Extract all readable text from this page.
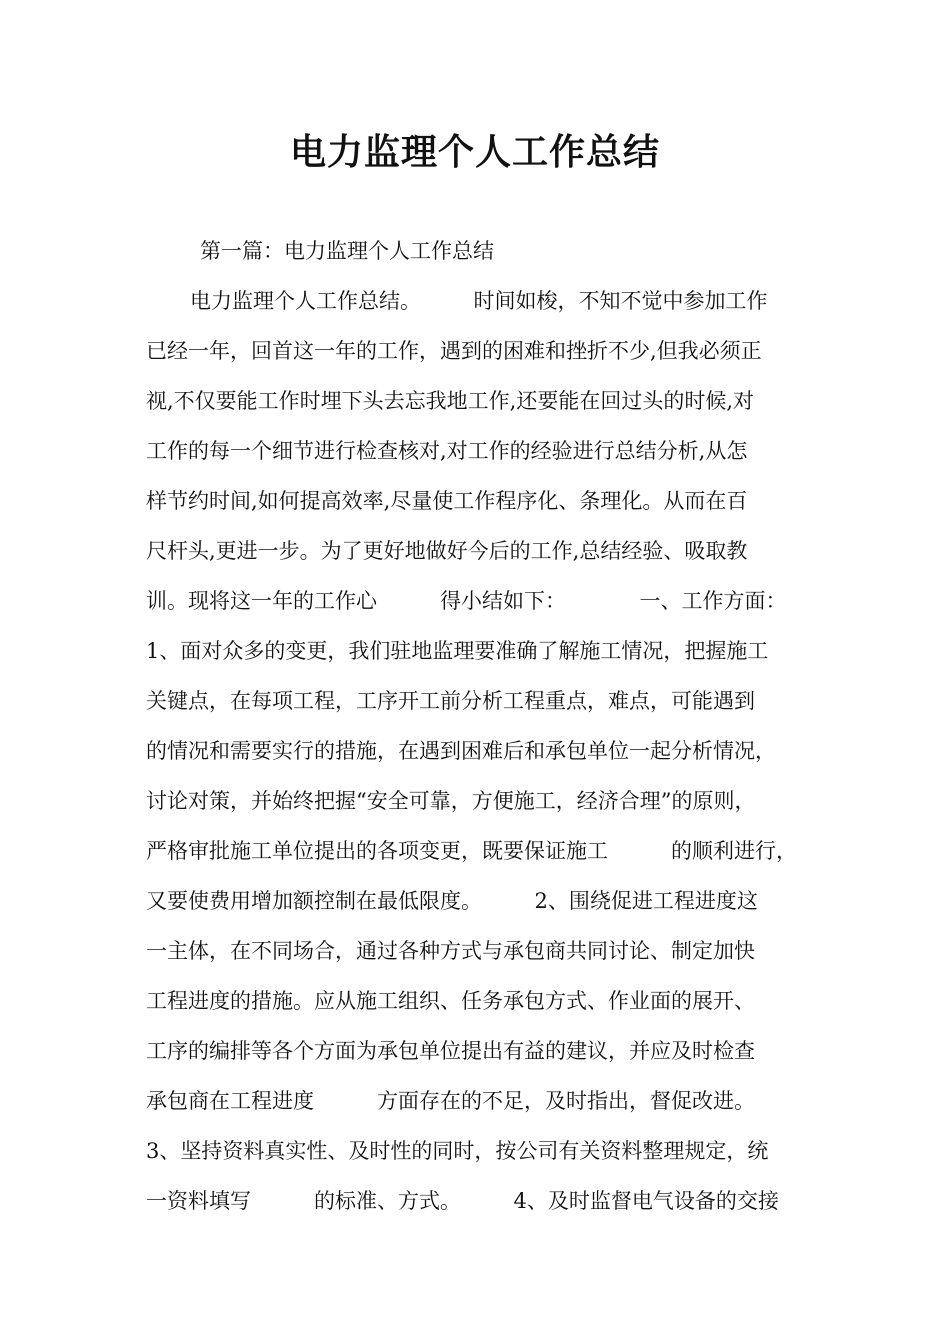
电力监理个人工作总结
第一篇：电力监理个人工作总结
电力监理个人工作总结。　　　时间如梭，不知不觉中参加工作
已经一年，回首这一年的工作，遇到的困难和挫折不少,但我必须正
视,不仅要能工作时埋下头去忘我地工作,还要能在回过头的时候,对
工作的每一个细节进行检查核对,对工作的经验进行总结分析,从怎
样节约时间,如何提高效率,尽量使工作程序化、条理化。从而在百
尺杆头,更进一步。为了更好地做好今后的工作,总结经验、吸取教
训。现将这一年的工作心　　　得小结如下：　　　　一、工作方面：
1、面对众多的变更，我们驻地监理要准确了解施工情况，把握施工
关键点，在每项工程，工序开工前分析工程重点，难点，可能遇到
的情况和需要实行的措施，在遇到困难后和承包单位一起分析情况，
讨论对策，并始终把握“安全可靠，方便施工，经济合理”的原则，
严格审批施工单位提出的各项变更，既要保证施工　　　的顺利进行，
又要使费用增加额控制在最低限度。　　　2、围绕促进工程进度这
一主体，在不同场合，通过各种方式与承包商共同讨论、制定加快
工程进度的措施。应从施工组织、任务承包方式、作业面的展开、
工序的编排等各个方面为承包单位提出有益的建议，并应及时检查
承包商在工程进度　　　方面存在的不足，及时指出，督促改进。
3、坚持资料真实性、及时性的同时，按公司有关资料整理规定，统
一资料填写　　　的标准、方式。　　　4、及时监督电气设备的交接
